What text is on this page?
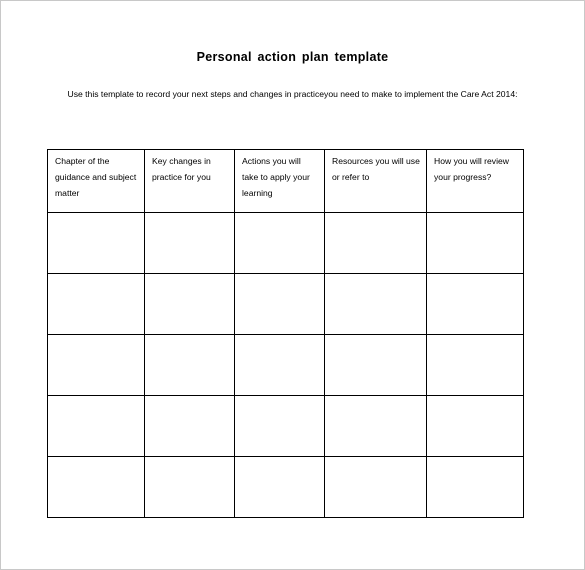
Personal action plan template

Use this template to record your next steps and changes in practiceyou need to make to implement the Care Act 2014:

Chapter of the guidance and subject matter	Key changes in practice for you	Actions you will take to apply your learning	Resources you will use or refer to	How you will review your progress?
